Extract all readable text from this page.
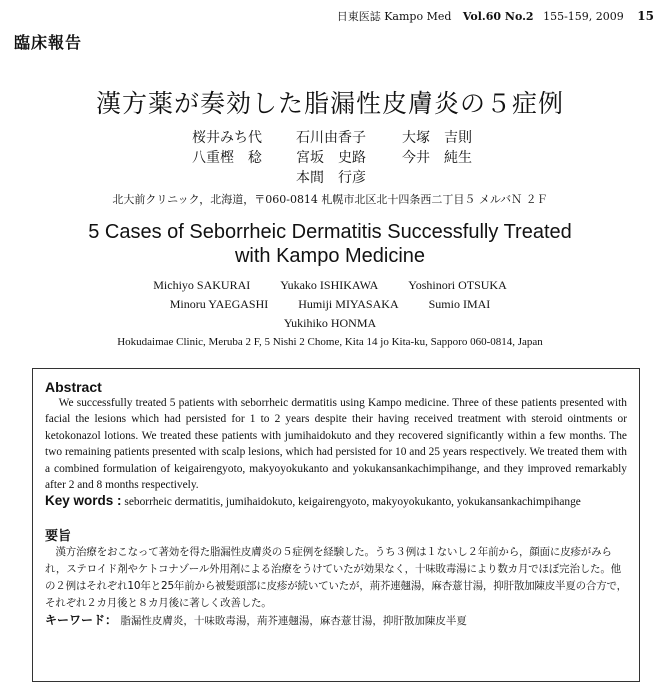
日東医誌 Kampo Med Vol.60 No.2 155-159, 2009 15
臨床報告
漢方薬が奏効した脂漏性皮膚炎の５症例
桜井みち代	石川由香子	大塚　吉則
八重樫　稔	宮坂　史路	今井　純生
本間　行彦
北大前クリニック，北海道，〒060-0814 札幌市北区北十四条西二丁目５ メルバＮ ２Ｆ
5 Cases of Seborrheic Dermatitis Successfully Treated
with Kampo Medicine
Michiyo SAKURAI	Yukako ISHIKAWA	Yoshinori OTSUKA
Minoru YAEGASHI	Humiji MIYASAKA	Sumio IMAI
Yukihiko HONMA
Hokudaimae Clinic, Meruba 2 F, 5 Nishi 2 Chome, Kita 14 jo Kita-ku, Sapporo 060-0814, Japan

Abstract

We successfully treated 5 patients with seborrheic dermatitis using Kampo medicine. Three of these patients presented with facial the lesions which had persisted for 1 to 2 years despite their having received treatment with steroid ointments or ketokonazol lotions. We treated these patients with jumihaidokuto and they recovered significantly within a few months. The two remaining patients presented with scalp lesions, which had persisted for 10 and 25 years respectively. We treated them with a combined formulation of keigairengyoto, makyoyokukanto and yokukansankachimpihange, and they improved remarkably after 2 and 8 months respectively.

Key words : seborrheic dermatitis, jumihaidokuto, keigairengyoto, makyoyokukanto, yokukansankachimpihange

要旨

漢方治療をおこなって著効を得た脂漏性皮膚炎の５症例を経験した。うち３例は１ないし２年前から，顔面に皮疹がみられ，ステロイド剤やケトコナゾール外用剤による治療をうけていたが効果なく，十味敗毒湯により数カ月でほぼ完治した。他の２例はそれぞれ10年と25年前から被髪頭部に皮疹が続いていたが，荊芥連翹湯，麻杏薏甘湯，抑肝散加陳皮半夏の合方で，それぞれ２カ月後と８カ月後に著しく改善した。

キーワード： 脂漏性皮膚炎，十味敗毒湯，荊芥連翹湯，麻杏薏甘湯，抑肝散加陳皮半夏
